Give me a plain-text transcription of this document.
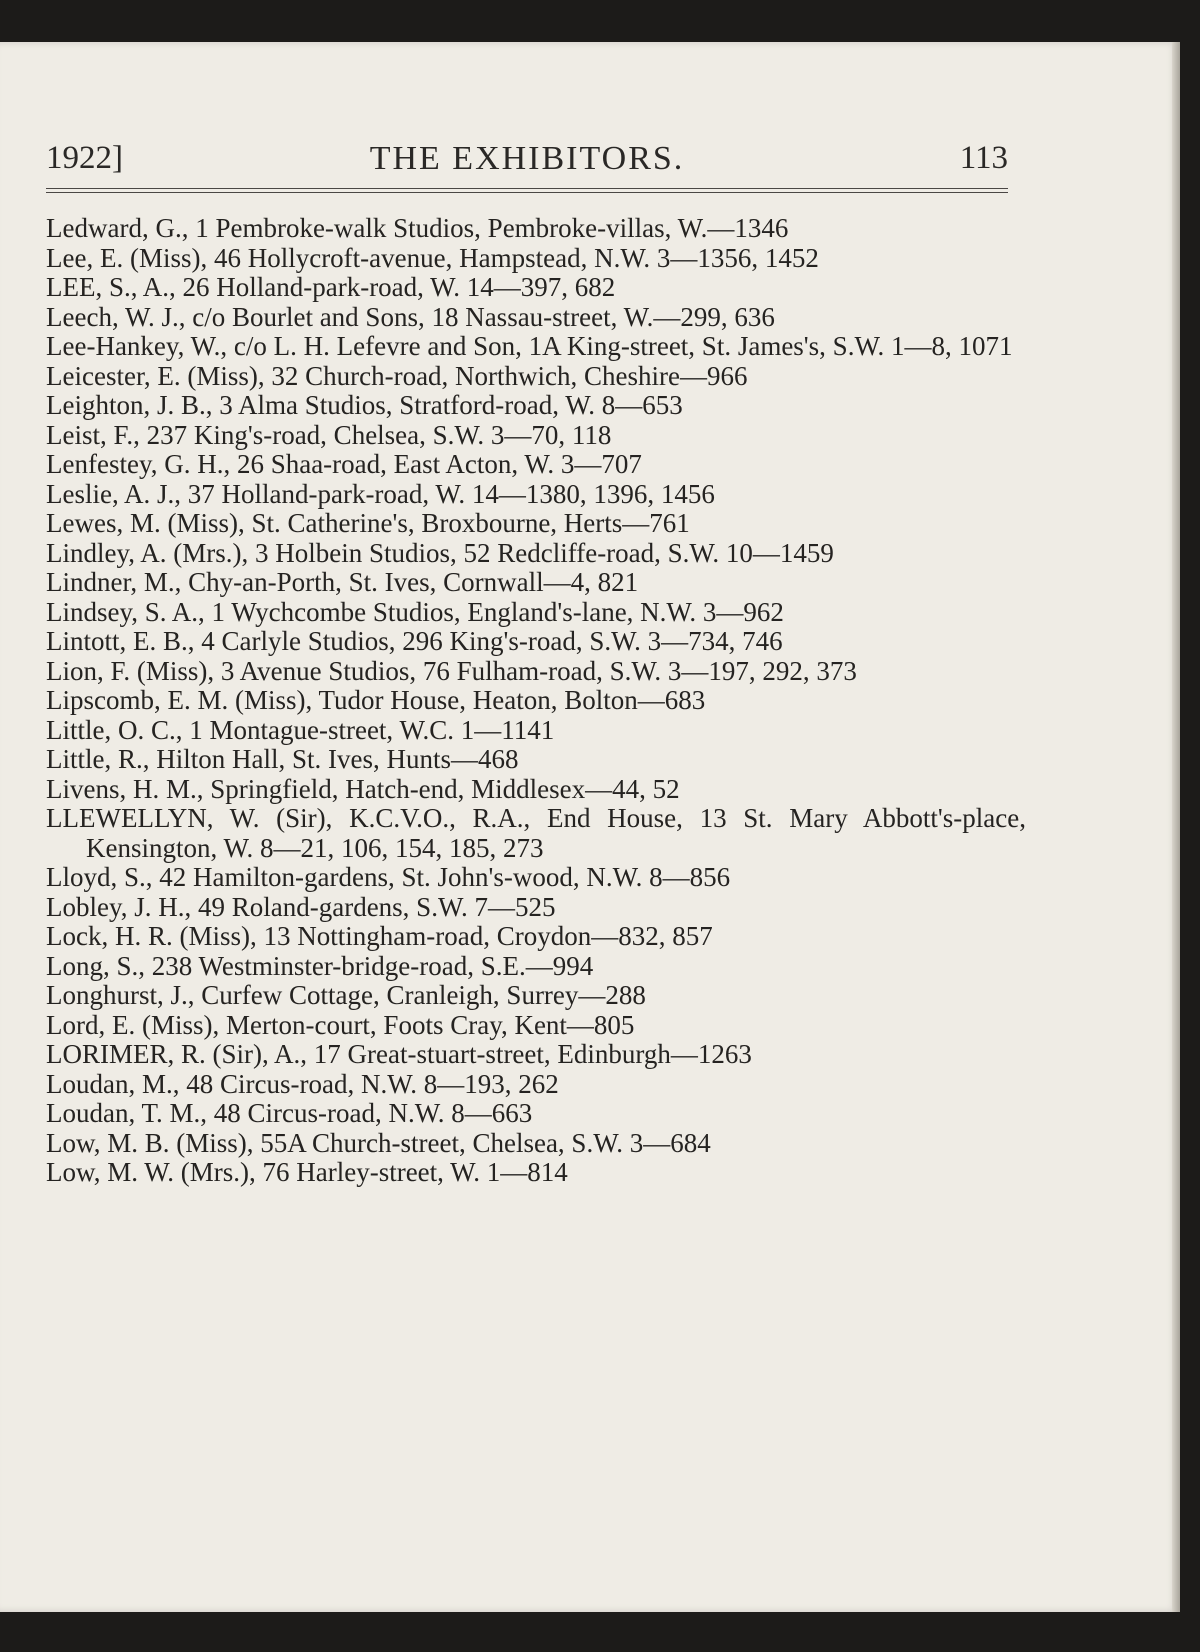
1922]	THE EXHIBITORS.	113

Ledward, G., 1 Pembroke-walk Studios, Pembroke-villas, W.—1346

Lee, E. (Miss), 46 Hollycroft-avenue, Hampstead, N.W. 3—1356, 1452

LEE, S., A., 26 Holland-park-road, W. 14—397, 682

Leech, W. J., c/o Bourlet and Sons, 18 Nassau-street, W.—299, 636

Lee-Hankey, W., c/o L. H. Lefevre and Son, 1A King-street, St. James's, S.W. 1—8, 1071

Leicester, E. (Miss), 32 Church-road, Northwich, Cheshire—966

Leighton, J. B., 3 Alma Studios, Stratford-road, W. 8—653

Leist, F., 237 King's-road, Chelsea, S.W. 3—70, 118

Lenfestey, G. H., 26 Shaa-road, East Acton, W. 3—707

Leslie, A. J., 37 Holland-park-road, W. 14—1380, 1396, 1456

Lewes, M. (Miss), St. Catherine's, Broxbourne, Herts—761

Lindley, A. (Mrs.), 3 Holbein Studios, 52 Redcliffe-road, S.W. 10—1459

Lindner, M., Chy-an-Porth, St. Ives, Cornwall—4, 821

Lindsey, S. A., 1 Wychcombe Studios, England's-lane, N.W. 3—962

Lintott, E. B., 4 Carlyle Studios, 296 King's-road, S.W. 3—734, 746

Lion, F. (Miss), 3 Avenue Studios, 76 Fulham-road, S.W. 3—197, 292, 373

Lipscomb, E. M. (Miss), Tudor House, Heaton, Bolton—683

Little, O. C., 1 Montague-street, W.C. 1—1141

Little, R., Hilton Hall, St. Ives, Hunts—468

Livens, H. M., Springfield, Hatch-end, Middlesex—44, 52

LLEWELLYN, W. (Sir), K.C.V.O., R.A., End House, 13 St. Mary Abbott's-place, Kensington, W. 8—21, 106, 154, 185, 273

Lloyd, S., 42 Hamilton-gardens, St. John's-wood, N.W. 8—856

Lobley, J. H., 49 Roland-gardens, S.W. 7—525

Lock, H. R. (Miss), 13 Nottingham-road, Croydon—832, 857

Long, S., 238 Westminster-bridge-road, S.E.—994

Longhurst, J., Curfew Cottage, Cranleigh, Surrey—288

Lord, E. (Miss), Merton-court, Foots Cray, Kent—805

LORIMER, R. (Sir), A., 17 Great-stuart-street, Edinburgh—1263

Loudan, M., 48 Circus-road, N.W. 8—193, 262

Loudan, T. M., 48 Circus-road, N.W. 8—663

Low, M. B. (Miss), 55A Church-street, Chelsea, S.W. 3—684

Low, M. W. (Mrs.), 76 Harley-street, W. 1—814
